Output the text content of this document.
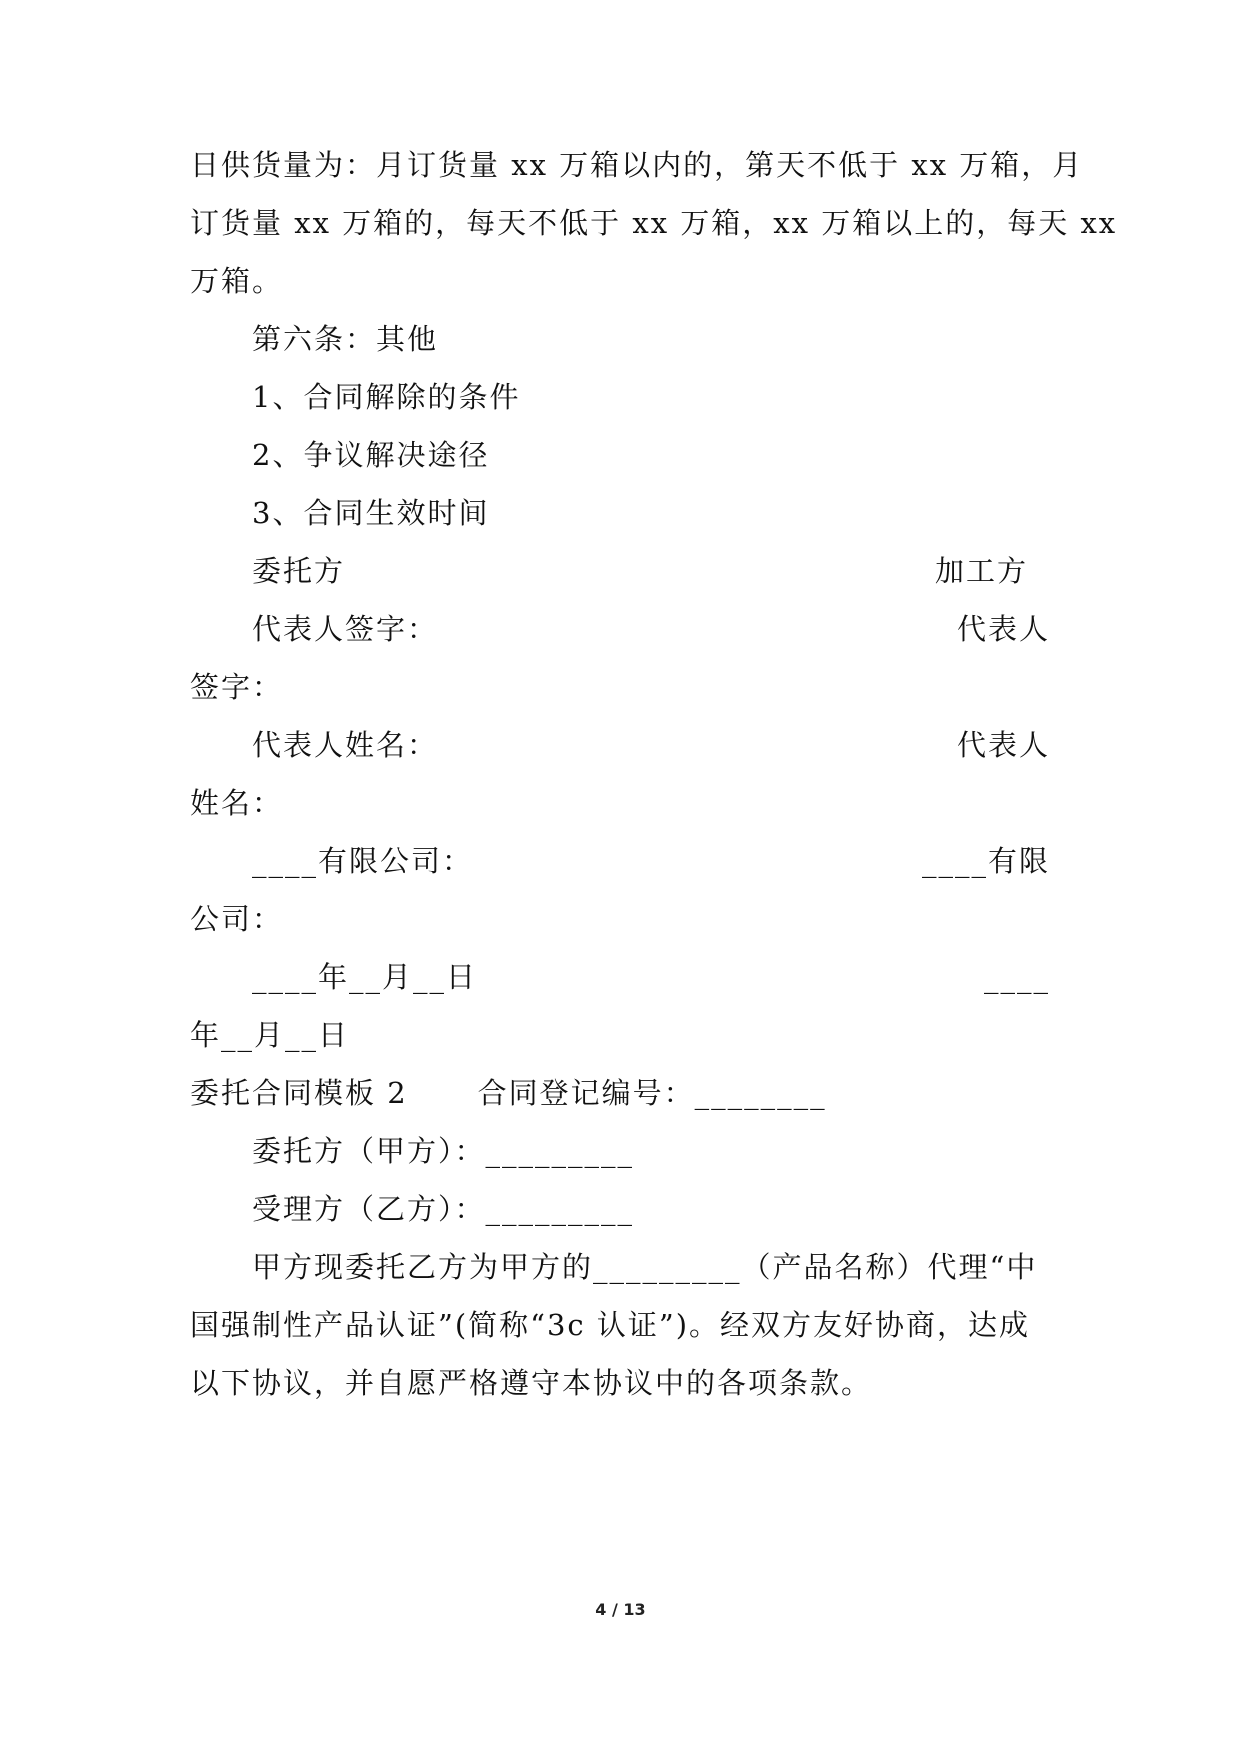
日供货量为：月订货量 xx 万箱以内的，第天不低于 xx 万箱，月
订货量 xx 万箱的，每天不低于 xx 万箱，xx 万箱以上的，每天 xx
万箱。
第六条：其他
1、合同解除的条件
2、争议解决途径
3、合同生效时间
委托方	加工方
代表人签字：	代表人
签字：
代表人姓名：	代表人
姓名：
____有限公司：	____有限
公司：
____年__月__日	____
年__月__日
委托合同模板 2 合同登记编号：________
委托方（甲方）：_________
受理方（乙方）：_________
甲方现委托乙方为甲方的_________（产品名称）代理“中
国强制性产品认证”(简称“3c 认证”)。经双方友好协商，达成
以下协议，并自愿严格遵守本协议中的各项条款。
4 / 13
